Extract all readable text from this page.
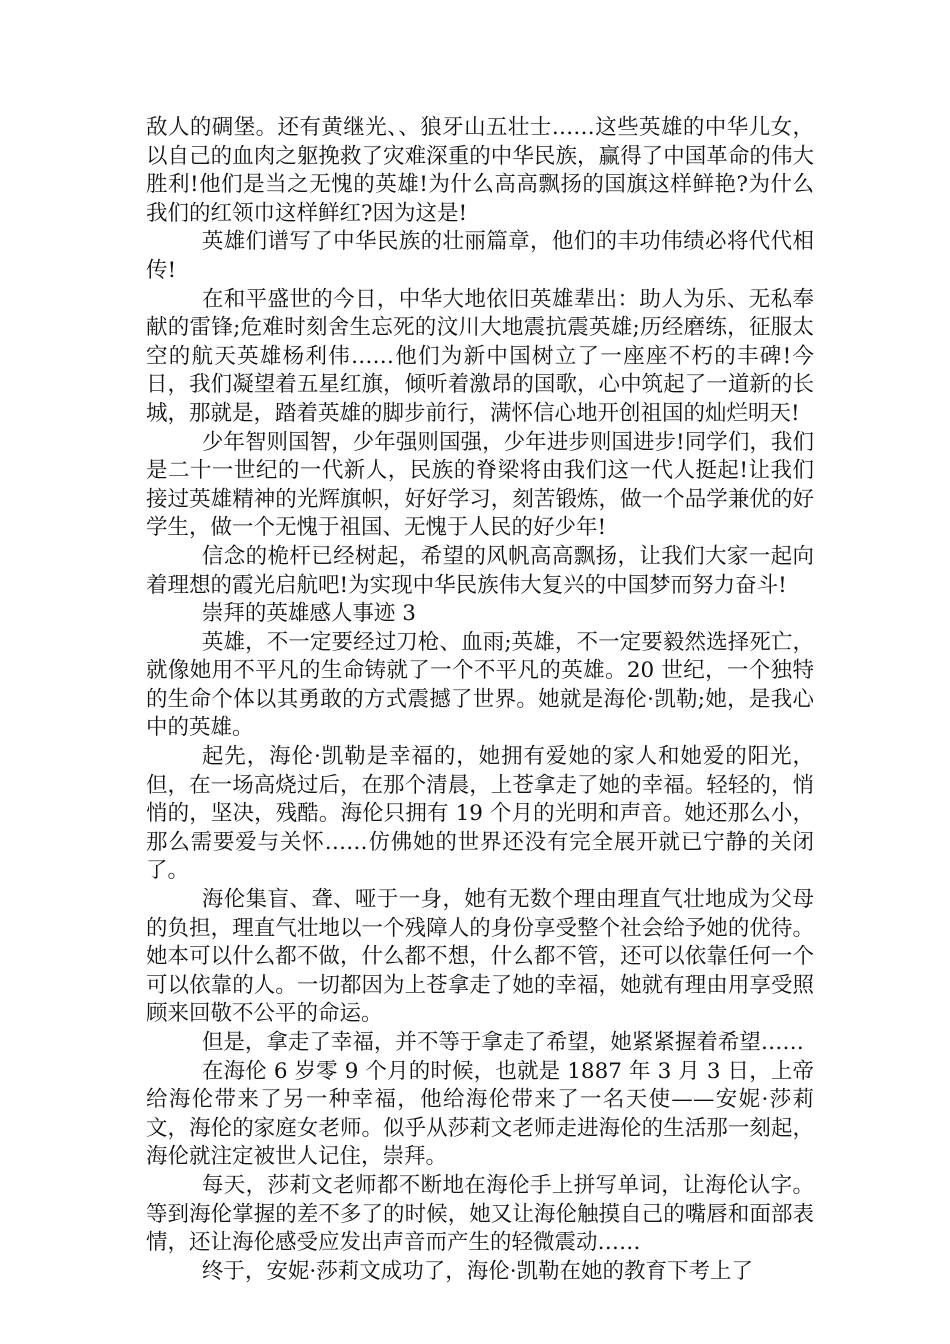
敌人的碉堡。还有黄继光、、狼牙山五壮士……这些英雄的中华儿女，以自己的血肉之躯挽救了灾难深重的中华民族，赢得了中国革命的伟大胜利!他们是当之无愧的英雄!为什么高高飘扬的国旗这样鲜艳?为什么我们的红领巾这样鲜红?因为这是!

英雄们谱写了中华民族的壮丽篇章，他们的丰功伟绩必将代代相传!

在和平盛世的今日，中华大地依旧英雄辈出：助人为乐、无私奉献的雷锋;危难时刻舍生忘死的汶川大地震抗震英雄;历经磨练，征服太空的航天英雄杨利伟……他们为新中国树立了一座座不朽的丰碑!今日，我们凝望着五星红旗，倾听着激昂的国歌，心中筑起了一道新的长城，那就是，踏着英雄的脚步前行，满怀信心地开创祖国的灿烂明天!

少年智则国智，少年强则国强，少年进步则国进步!同学们，我们是二十一世纪的一代新人，民族的脊梁将由我们这一代人挺起!让我们接过英雄精神的光辉旗帜，好好学习，刻苦锻炼，做一个品学兼优的好学生，做一个无愧于祖国、无愧于人民的好少年!

信念的桅杆已经树起，希望的风帆高高飘扬，让我们大家一起向着理想的霞光启航吧!为实现中华民族伟大复兴的中国梦而努力奋斗!

崇拜的英雄感人事迹 3

英雄，不一定要经过刀枪、血雨;英雄，不一定要毅然选择死亡，就像她用不平凡的生命铸就了一个不平凡的英雄。20 世纪，一个独特的生命个体以其勇敢的方式震撼了世界。她就是海伦·凯勒;她，是我心中的英雄。

起先，海伦·凯勒是幸福的，她拥有爱她的家人和她爱的阳光，但，在一场高烧过后，在那个清晨，上苍拿走了她的幸福。轻轻的，悄悄的，坚决，残酷。海伦只拥有 19 个月的光明和声音。她还那么小，那么需要爱与关怀……仿佛她的世界还没有完全展开就已宁静的关闭了。

海伦集盲、聋、哑于一身，她有无数个理由理直气壮地成为父母的负担，理直气壮地以一个残障人的身份享受整个社会给予她的优待。她本可以什么都不做，什么都不想，什么都不管，还可以依靠任何一个可以依靠的人。一切都因为上苍拿走了她的幸福，她就有理由用享受照顾来回敬不公平的命运。

但是，拿走了幸福，并不等于拿走了希望，她紧紧握着希望……

在海伦 6 岁零 9 个月的时候，也就是 1887 年 3 月 3 日，上帝给海伦带来了另一种幸福，他给海伦带来了一名天使——安妮·莎莉文，海伦的家庭女老师。似乎从莎莉文老师走进海伦的生活那一刻起，海伦就注定被世人记住，崇拜。

每天，莎莉文老师都不断地在海伦手上拼写单词，让海伦认字。等到海伦掌握的差不多了的时候，她又让海伦触摸自己的嘴唇和面部表情，还让海伦感受应发出声音而产生的轻微震动……

终于，安妮·莎莉文成功了，海伦·凯勒在她的教育下考上了
